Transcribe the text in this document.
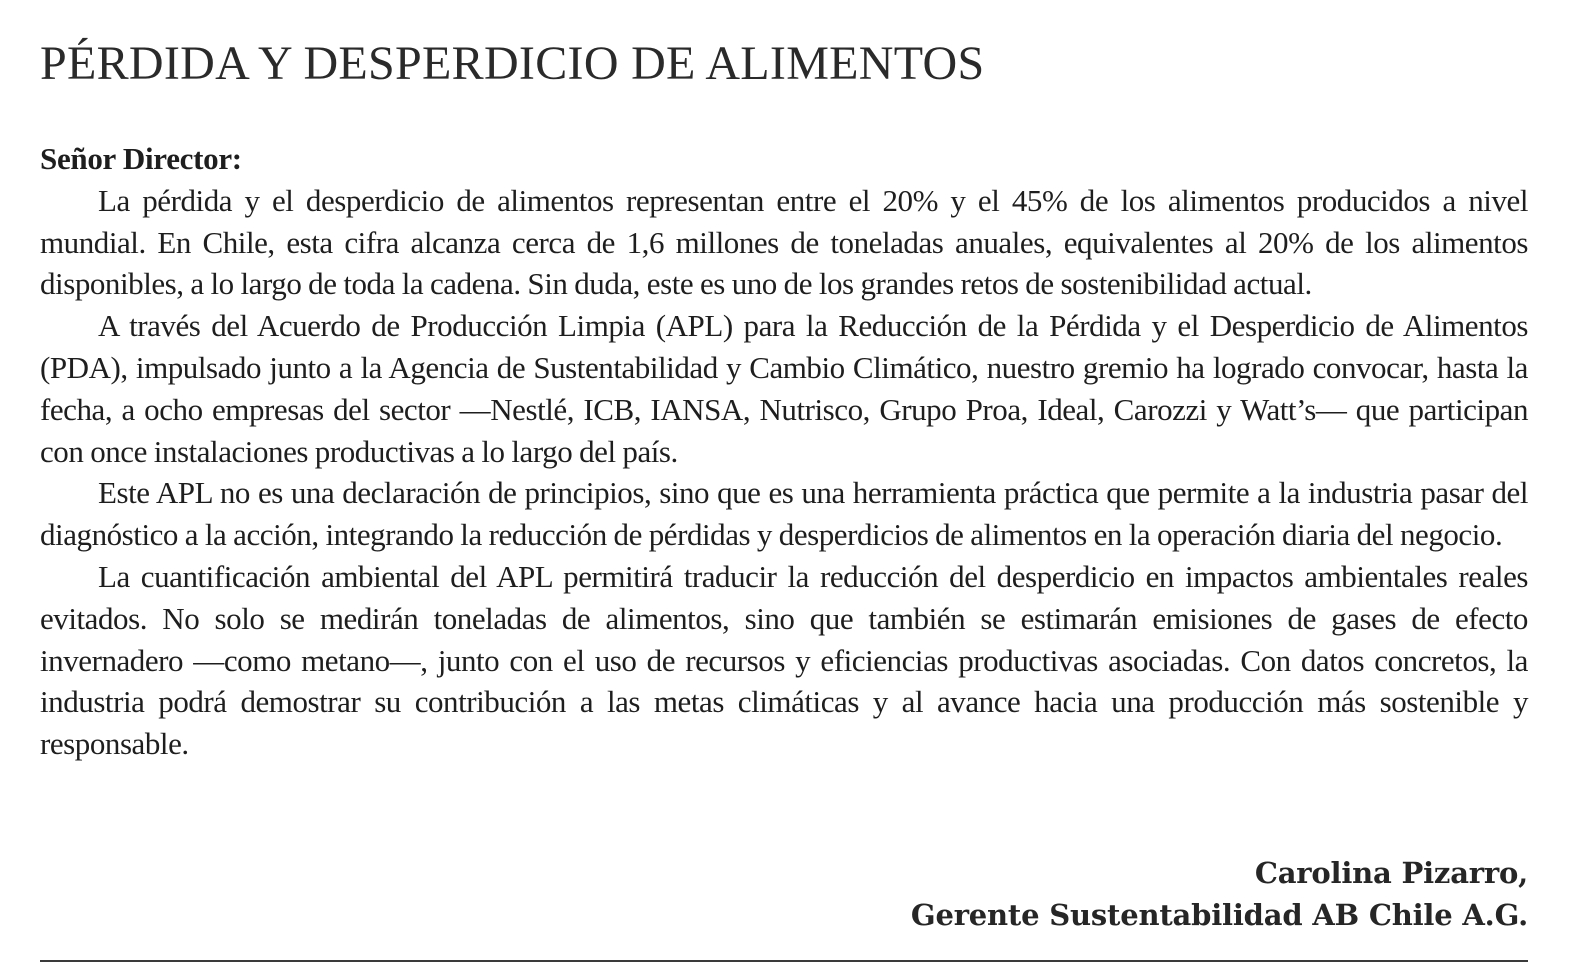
PÉRDIDA Y DESPERDICIO DE ALIMENTOS

Señor Director:

La pérdida y el desperdicio de alimentos representan entre el 20% y el 45% de los alimentos producidos a nivel mundial. En Chile, esta cifra alcanza cerca de 1,6 millones de toneladas anuales, equivalentes al 20% de los alimentos disponibles, a lo largo de toda la cadena. Sin duda, este es uno de los grandes retos de sostenibilidad actual.

A través del Acuerdo de Producción Limpia (APL) para la Reducción de la Pérdida y el Desperdicio de Alimentos (PDA), impulsado junto a la Agencia de Sustentabilidad y Cambio Climático, nuestro gremio ha logrado convocar, hasta la fecha, a ocho empresas del sector —Nestlé, ICB, IANSA, Nutrisco, Grupo Proa, Ideal, Carozzi y Watt’s— que participan con once instalaciones productivas a lo largo del país.

Este APL no es una declaración de principios, sino que es una herramienta práctica que permite a la industria pasar del diagnóstico a la acción, integrando la reducción de pérdidas y desperdicios de alimentos en la operación diaria del negocio.

La cuantificación ambiental del APL permitirá traducir la reducción del desperdicio en impactos ambientales reales evitados. No solo se medirán toneladas de alimentos, sino que también se estimarán emisiones de gases de efecto invernadero —como metano—, junto con el uso de recursos y eficiencias productivas asociadas. Con datos concretos, la industria podrá demostrar su contribución a las metas climáticas y al avance hacia una producción más sostenible y responsable.

Carolina Pizarro,
Gerente Sustentabilidad AB Chile A.G.
